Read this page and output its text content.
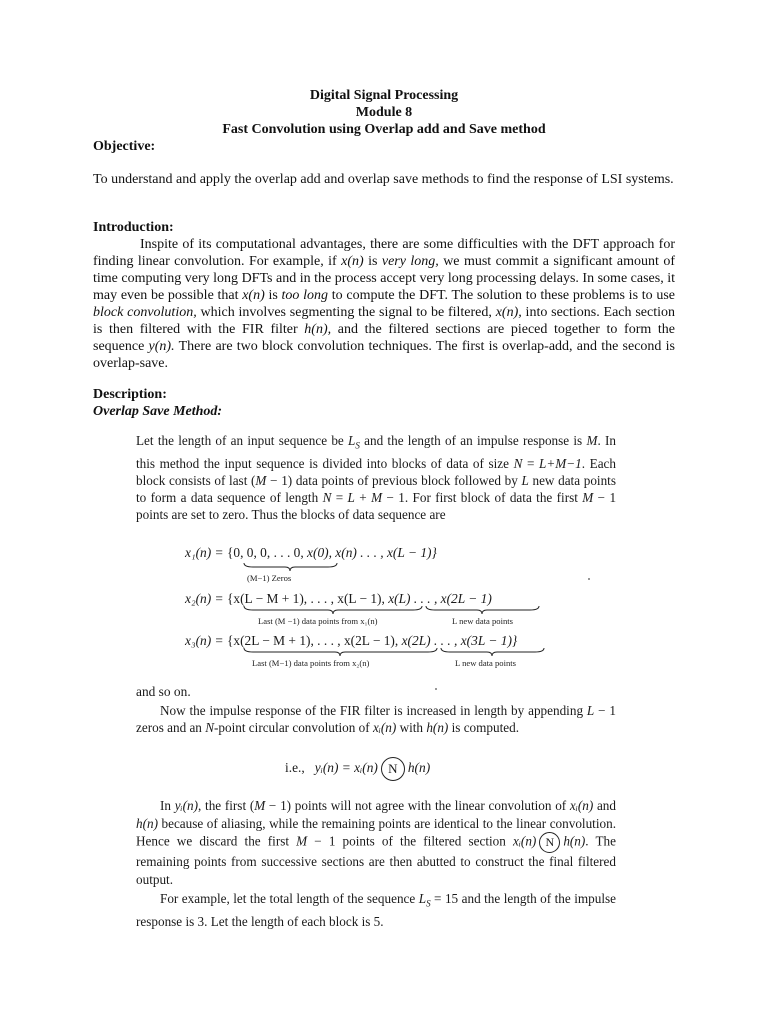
Digital Signal Processing
Module 8
Fast Convolution using Overlap add and Save method
Objective:

To understand and apply the overlap add and overlap save methods to find the response of LSI systems.

Introduction:

Inspite of its computational advantages, there are some difficulties with the DFT approach for finding linear convolution. For example, if x(n) is very long, we must commit a significant amount of time computing very long DFTs and in the process accept very long processing delays. In some cases, it may even be possible that x(n) is too long to compute the DFT. The solution to these problems is to use block convolution, which involves segmenting the signal to be filtered, x(n), into sections. Each section is then filtered with the FIR filter h(n), and the filtered sections are pieced together to form the sequence y(n). There are two block convolution techniques. The first is overlap-add, and the second is overlap-save.

Description:
Overlap Save Method:

Let the length of an input sequence be $L_S$ and the length of an impulse response is M. In this method the input sequence is divided into blocks of data of size N = L+M−1. Each block consists of last (M − 1) data points of previous block followed by L new data points to form a data sequence of length N = L + M − 1. For first block of data the first M − 1 points are set to zero. Thus the blocks of data sequence are

x₁(n) = {0, 0, 0, . . . 0, x(0), x(n) . . . , x(L − 1)}
(M−1) Zeros
x₂(n) = {x(L − M + 1), . . . , x(L − 1), x(L) . . . , x(2L − 1)
Last (M −1) data points from x₁(n)	L new data points
x₃(n) = {x(2L − M + 1), . . . , x(2L − 1), x(2L) . . . , x(3L − 1)}
Last (M−1) data points from x₂(n)	L new data points
and so on.

Now the impulse response of the FIR filter is increased in length by appending L − 1 zeros and an N-point circular convolution of xᵢ(n) with h(n) is computed.

i.e., yᵢ(n) = xᵢ(n) N h(n)

In yᵢ(n), the first (M − 1) points will not agree with the linear convolution of xᵢ(n) and h(n) because of aliasing, while the remaining points are identical to the linear convolution. Hence we discard the first M − 1 points of the filtered section xᵢ(n) N h(n). The remaining points from successive sections are then abutted to construct the final filtered output.

For example, let the total length of the sequence $L_S = 15$ and the length of the impulse response is 3. Let the length of each block is 5.
